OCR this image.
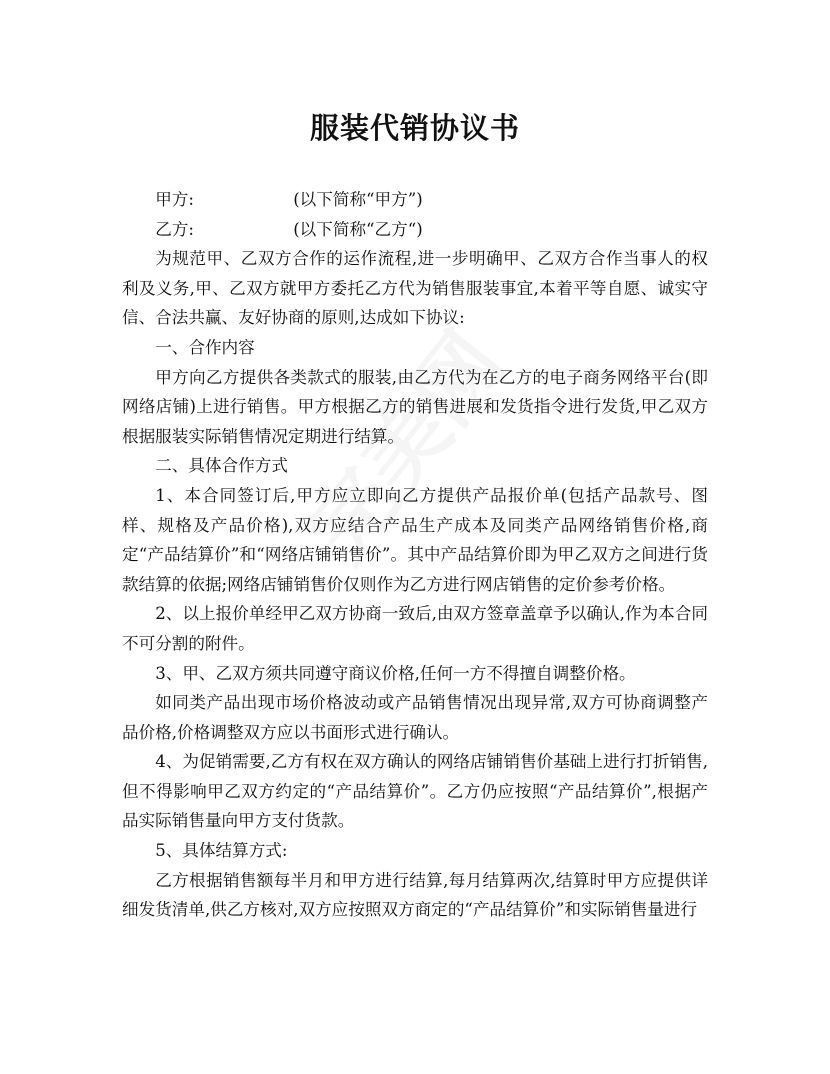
服装代销协议书
甲方:	(以下简称“甲方”)
乙方:	(以下简称“乙方“)

为规范甲、乙双方合作的运作流程,进一步明确甲、乙双方合作当事人的权利及义务,甲、乙双方就甲方委托乙方代为销售服装事宜,本着平等自愿、诚实守信、合法共赢、友好协商的原则,达成如下协议:

一、合作内容

甲方向乙方提供各类款式的服装,由乙方代为在乙方的电子商务网络平台(即网络店铺)上进行销售。甲方根据乙方的销售进展和发货指令进行发货,甲乙双方根据服装实际销售情况定期进行结算。

二、具体合作方式

1、本合同签订后,甲方应立即向乙方提供产品报价单(包括产品款号、图样、规格及产品价格),双方应结合产品生产成本及同类产品网络销售价格,商定“产品结算价”和“网络店铺销售价”。其中产品结算价即为甲乙双方之间进行货款结算的依据;网络店铺销售价仅则作为乙方进行网店销售的定价参考价格。

2、以上报价单经甲乙双方协商一致后,由双方签章盖章予以确认,作为本合同不可分割的附件。

3、甲、乙双方须共同遵守商议价格,任何一方不得擅自调整价格。

如同类产品出现市场价格波动或产品销售情况出现异常,双方可协商调整产品价格,价格调整双方应以书面形式进行确认。

4、为促销需要,乙方有权在双方确认的网络店铺销售价基础上进行打折销售,但不得影响甲乙双方约定的“产品结算价”。乙方仍应按照“产品结算价”,根据产品实际销售量向甲方支付货款。

5、具体结算方式:

乙方根据销售额每半月和甲方进行结算,每月结算两次,结算时甲方应提供详细发货清单,供乙方核对,双方应按照双方商定的“产品结算价”和实际销售量进行
